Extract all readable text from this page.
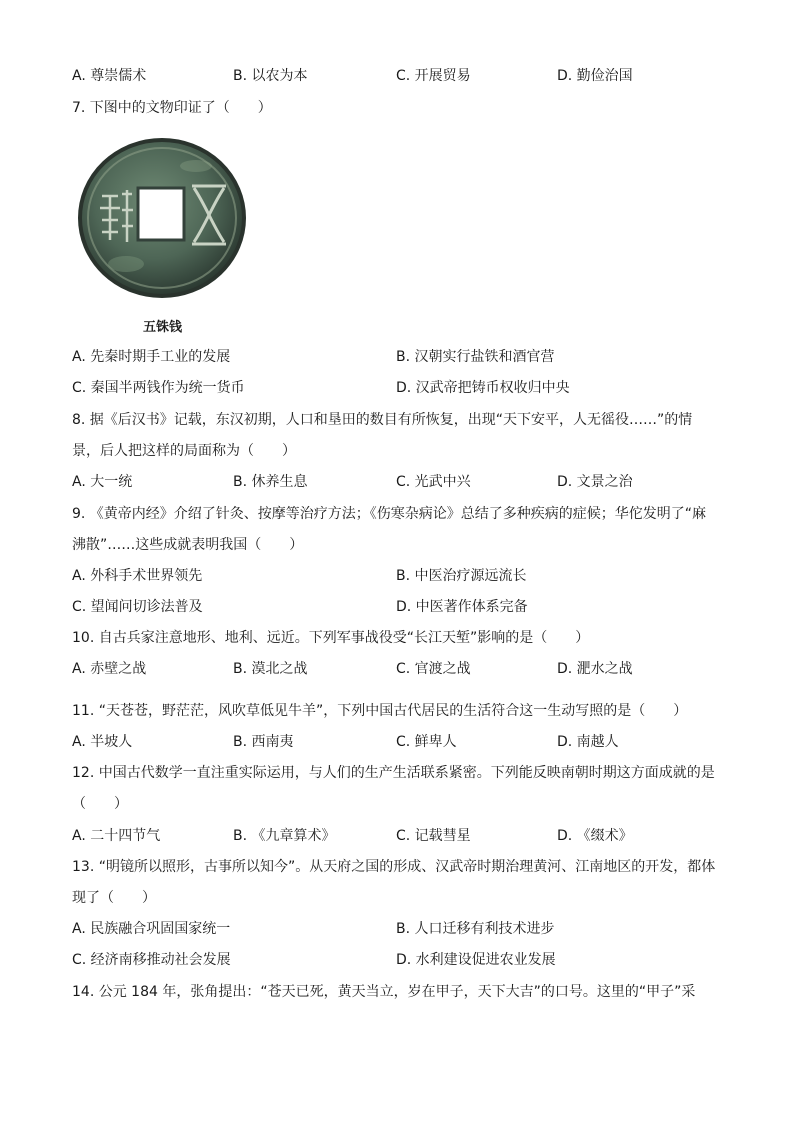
A. 尊崇儒术	B. 以农为本	C. 开展贸易	D. 勤俭治国
7. 下图中的文物印证了（　　）
五铢钱
A. 先秦时期手工业的发展	B. 汉朝实行盐铁和酒官营
C. 秦国半两钱作为统一货币	D. 汉武帝把铸币权收归中央
8. 据《后汉书》记载，东汉初期，人口和垦田的数目有所恢复，出现“天下安平，人无徭役……”的情
景，后人把这样的局面称为（　　）
A. 大一统	B. 休养生息	C. 光武中兴	D. 文景之治
9. 《黄帝内经》介绍了针灸、按摩等治疗方法；《伤寒杂病论》总结了多种疾病的症候；华佗发明了“麻
沸散”……这些成就表明我国（　　）
A. 外科手术世界领先	B. 中医治疗源远流长
C. 望闻问切诊法普及	D. 中医著作体系完备
10. 自古兵家注意地形、地利、远近。下列军事战役受“长江天堑”影响的是（　　）
A. 赤壁之战	B. 漠北之战	C. 官渡之战	D. 淝水之战
11. “天苍苍，野茫茫，风吹草低见牛羊”，下列中国古代居民的生活符合这一生动写照的是（　　）
A. 半坡人	B. 西南夷	C. 鲜卑人	D. 南越人
12. 中国古代数学一直注重实际运用，与人们的生产生活联系紧密。下列能反映南朝时期这方面成就的是
（　　）
A. 二十四节气	B. 《九章算术》	C. 记载彗星	D. 《缀术》
13. “明镜所以照形，古事所以知今”。从天府之国的形成、汉武帝时期治理黄河、江南地区的开发，都体
现了（　　）
A. 民族融合巩固国家统一	B. 人口迁移有利技术进步
C. 经济南移推动社会发展	D. 水利建设促进农业发展
14. 公元 184 年，张角提出：“苍天已死，黄天当立，岁在甲子，天下大吉”的口号。这里的“甲子”采
